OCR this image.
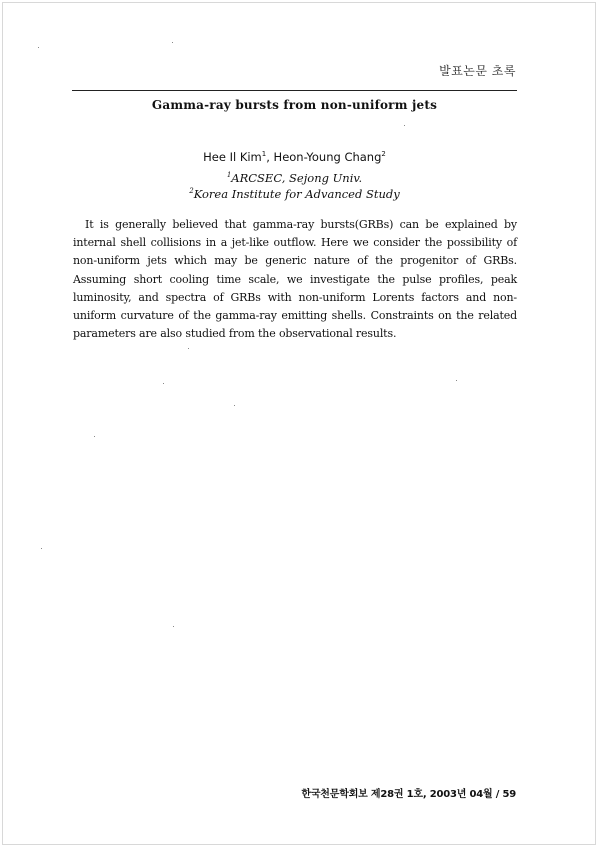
발표논문 초록
Gamma-ray bursts from non-uniform jets
Hee Il Kim$^1$, Heon-Young Chang$^2$
$^1$ARCSEC, Sejong Univ.
$^2$Korea Institute for Advanced Study

It is generally believed that gamma-ray bursts(GRBs) can be explained by internal shell collisions in a jet-like outflow. Here we consider the possibility of non-uniform jets which may be generic nature of the progenitor of GRBs. Assuming short cooling time scale, we investigate the pulse profiles, peak luminosity, and spectra of GRBs with non-uniform Lorents factors and non-uniform curvature of the gamma-ray emitting shells. Constraints on the related parameters are also studied from the observational results.

한국천문학회보 제28권 1호, 2003년 04월 / 59
